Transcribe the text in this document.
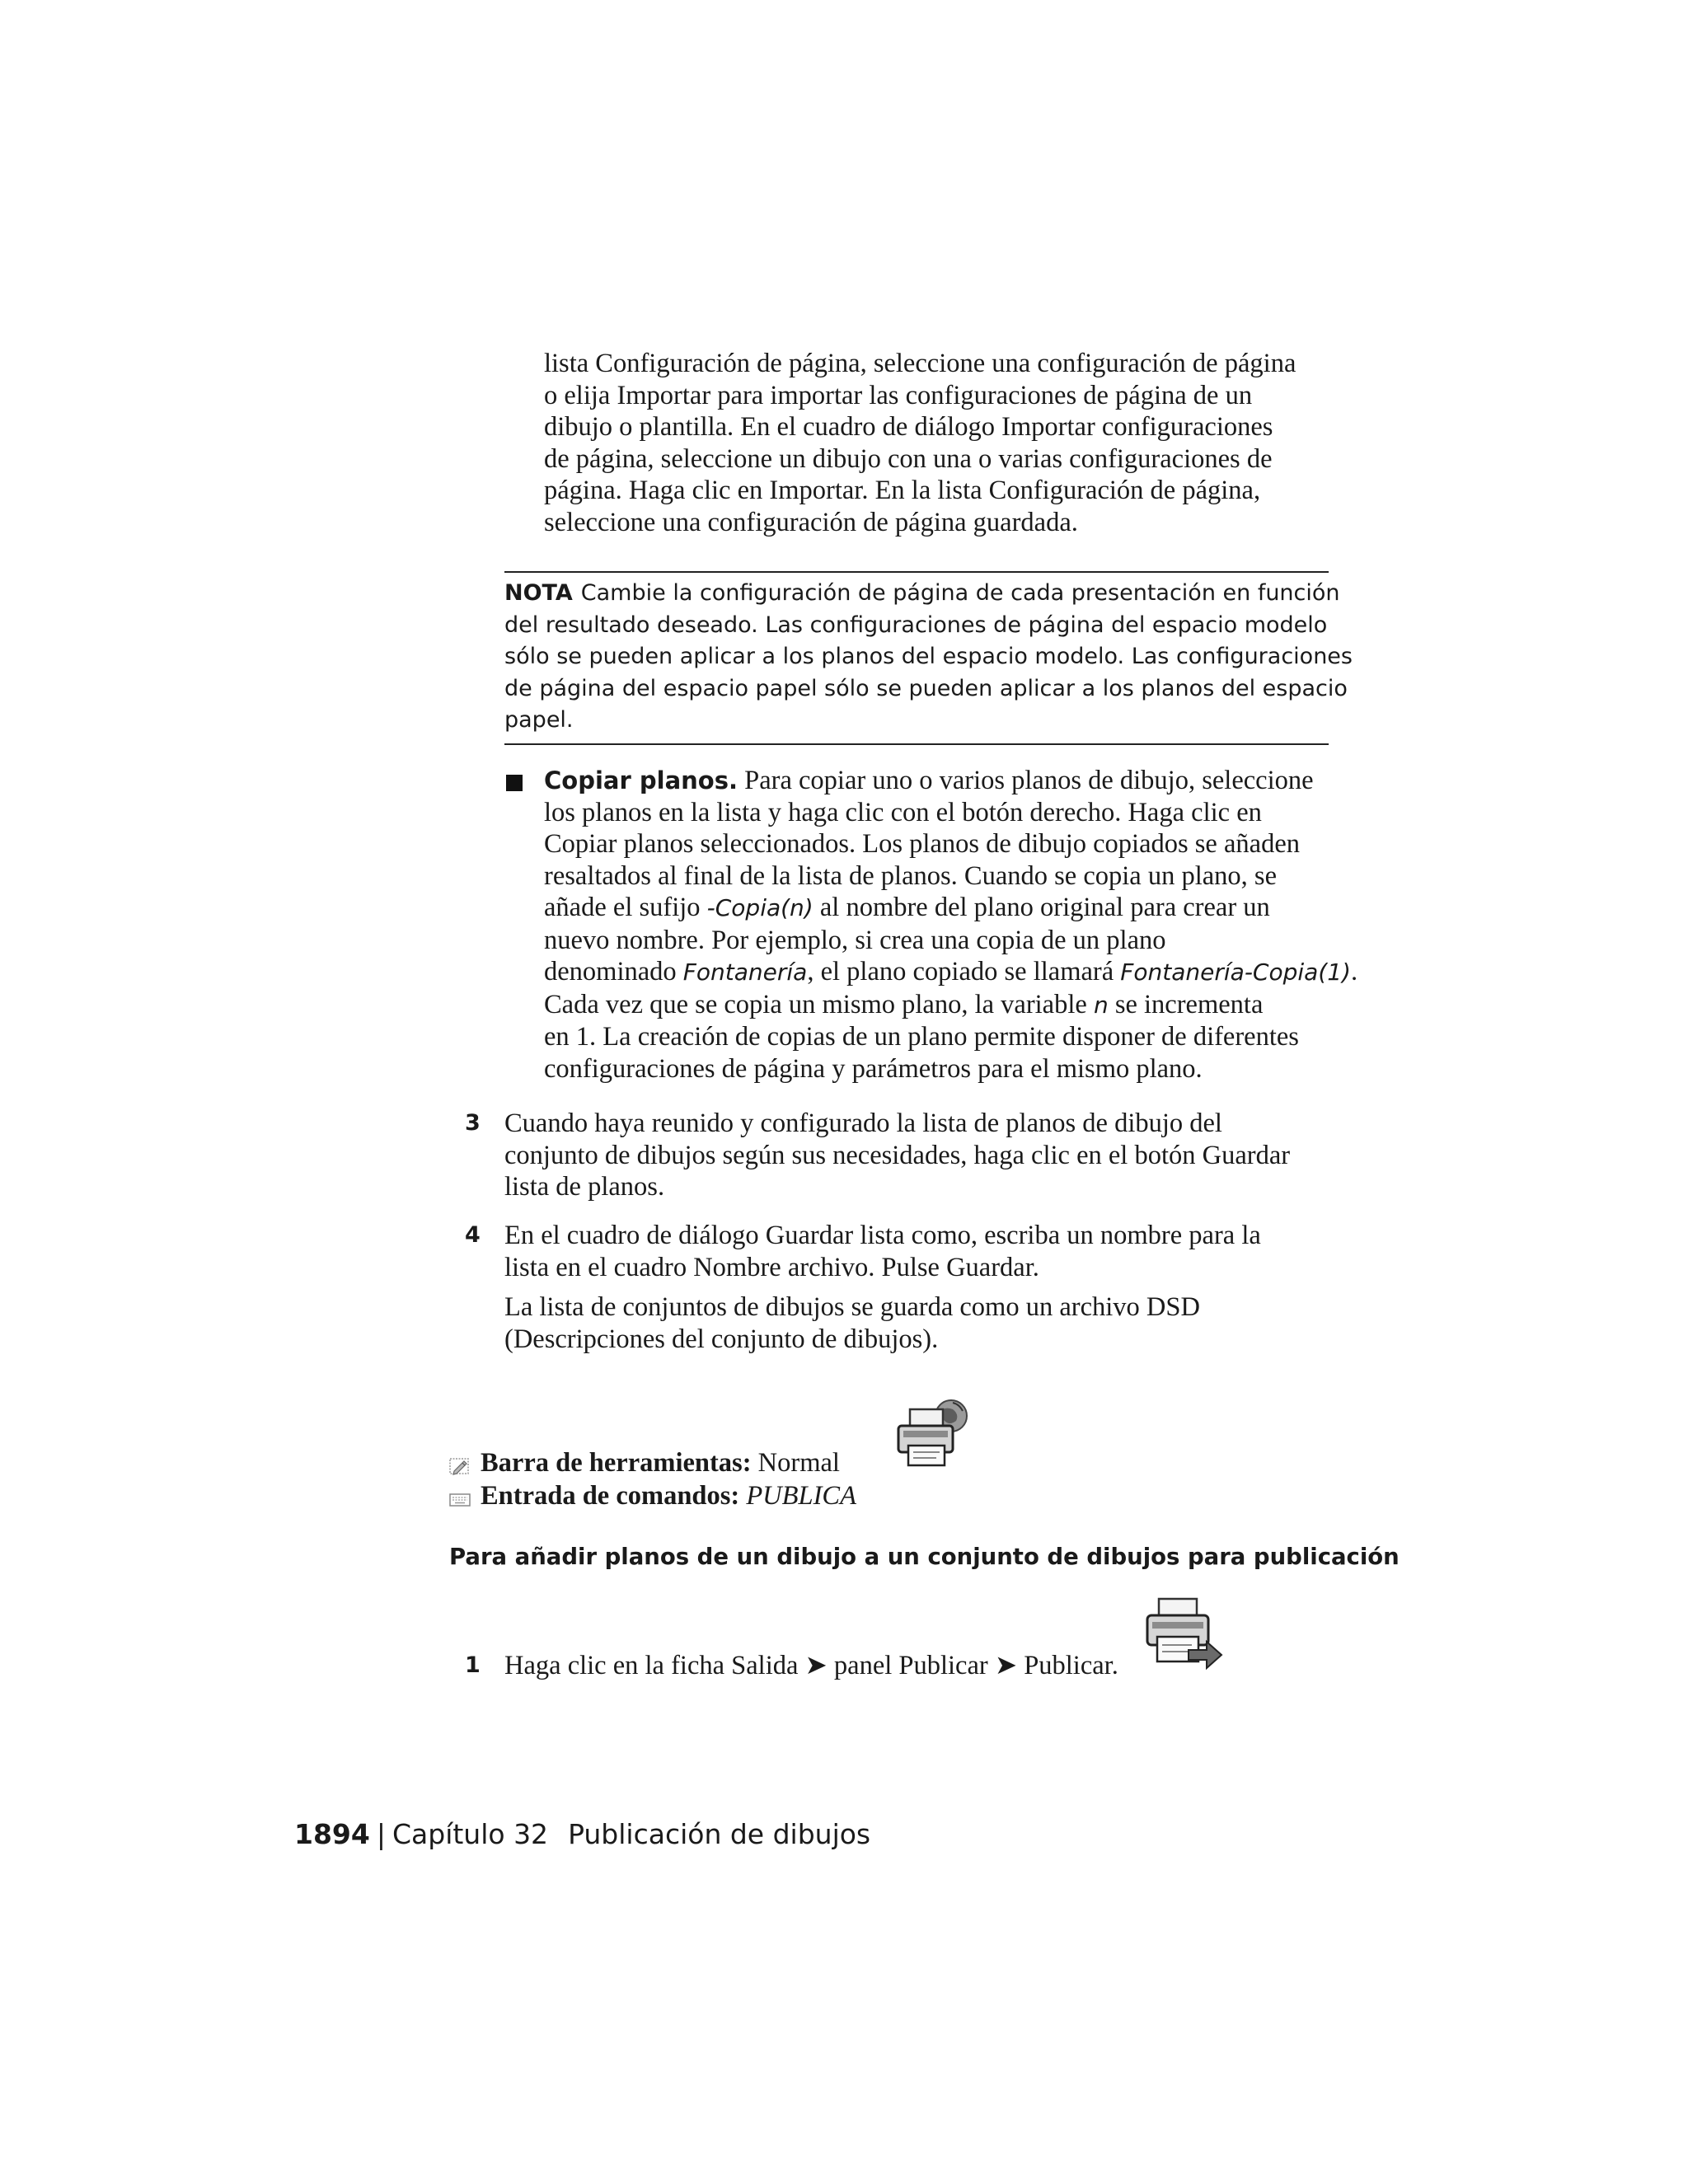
lista Configuración de página, seleccione una configuración de página
o elija Importar para importar las configuraciones de página de un
dibujo o plantilla. En el cuadro de diálogo Importar configuraciones
de página, seleccione un dibujo con una o varias configuraciones de
página. Haga clic en Importar. En la lista Configuración de página,
seleccione una configuración de página guardada.
NOTA Cambie la configuración de página de cada presentación en función
del resultado deseado. Las configuraciones de página del espacio modelo
sólo se pueden aplicar a los planos del espacio modelo. Las configuraciones
de página del espacio papel sólo se pueden aplicar a los planos del espacio
papel.
Copiar planos. Para copiar uno o varios planos de dibujo, seleccione
los planos en la lista y haga clic con el botón derecho. Haga clic en
Copiar planos seleccionados. Los planos de dibujo copiados se añaden
resaltados al final de la lista de planos. Cuando se copia un plano, se
añade el sufijo -Copia(n) al nombre del plano original para crear un
nuevo nombre. Por ejemplo, si crea una copia de un plano
denominado Fontanería, el plano copiado se llamará Fontanería-Copia(1).
Cada vez que se copia un mismo plano, la variable n se incrementa
en 1. La creación de copias de un plano permite disponer de diferentes
configuraciones de página y parámetros para el mismo plano.
3 Cuando haya reunido y configurado la lista de planos de dibujo del
conjunto de dibujos según sus necesidades, haga clic en el botón Guardar
lista de planos.
4 En el cuadro de diálogo Guardar lista como, escriba un nombre para la
lista en el cuadro Nombre archivo. Pulse Guardar.
La lista de conjuntos de dibujos se guarda como un archivo DSD
(Descripciones del conjunto de dibujos).
Barra de herramientas: Normal
Entrada de comandos: PUBLICA
Para añadir planos de un dibujo a un conjunto de dibujos para publicación
1 Haga clic en la ficha Salida ➤ panel Publicar ➤ Publicar.
1894 | Capítulo 32 Publicación de dibujos
